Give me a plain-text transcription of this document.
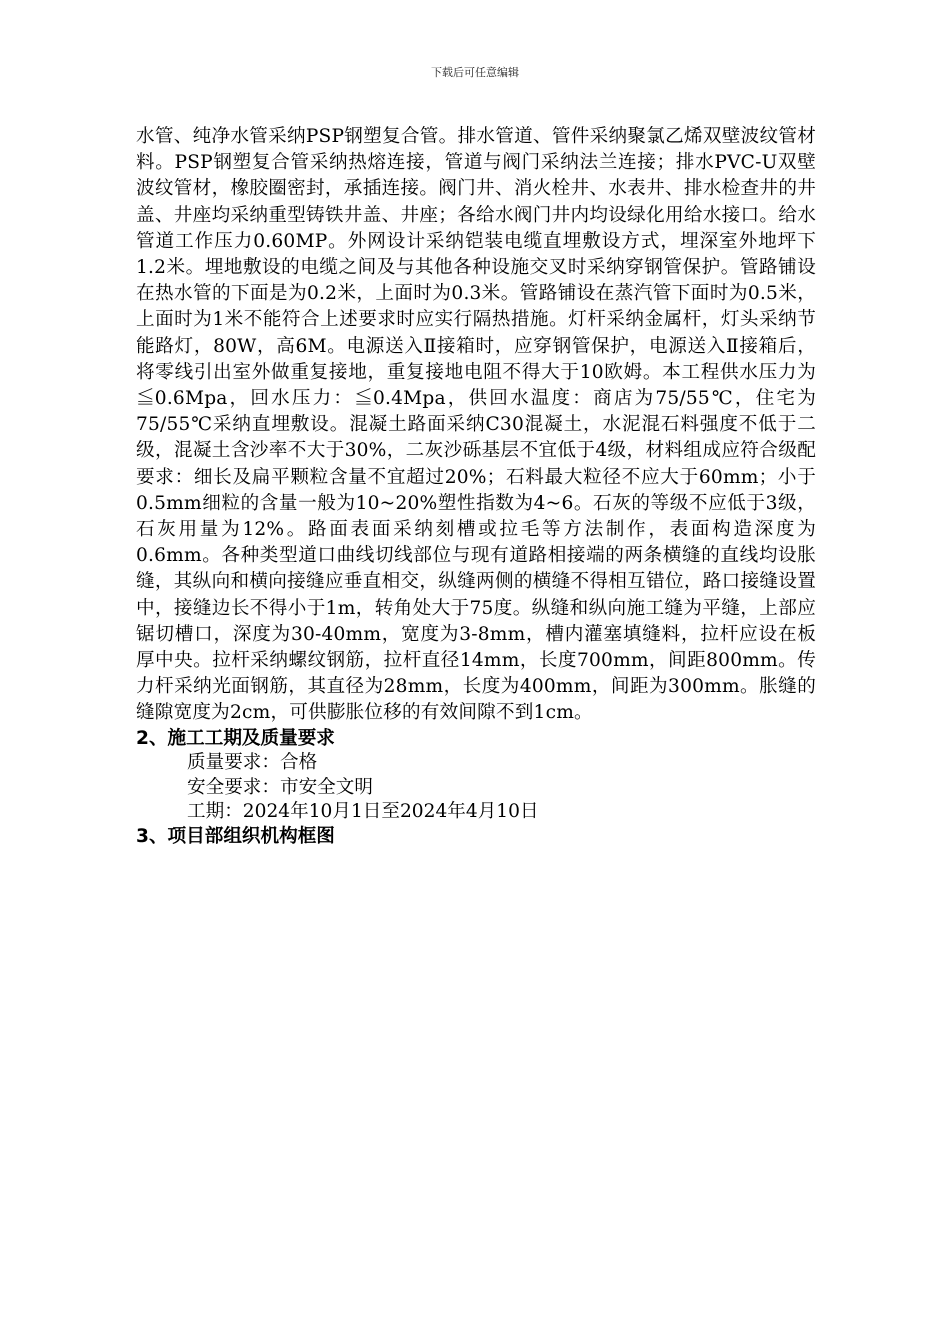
下载后可任意编辑

水管、纯净水管采纳PSP钢塑复合管。排水管道、管件采纳聚氯乙烯双壁波纹管材料。PSP钢塑复合管采纳热熔连接，管道与阀门采纳法兰连接；排水PVC-U双壁波纹管材，橡胶圈密封，承插连接。阀门井、消火栓井、水表井、排水检查井的井盖、井座均采纳重型铸铁井盖、井座；各给水阀门井内均设绿化用给水接口。给水管道工作压力0.60MP。外网设计采纳铠装电缆直埋敷设方式，埋深室外地坪下1.2米。埋地敷设的电缆之间及与其他各种设施交叉时采纳穿钢管保护。管路铺设在热水管的下面是为0.2米，上面时为0.3米。管路铺设在蒸汽管下面时为0.5米，上面时为1米不能符合上述要求时应实行隔热措施。灯杆采纳金属杆，灯头采纳节能路灯，80W，高6M。电源送入Ⅱ接箱时，应穿钢管保护，电源送入Ⅱ接箱后，将零线引出室外做重复接地，重复接地电阻不得大于10欧姆。本工程供水压力为≦0.6Mpa，回水压力：≦0.4Mpa，供回水温度：商店为75/55℃，住宅为75/55℃采纳直埋敷设。混凝土路面采纳C30混凝土，水泥混石料强度不低于二级，混凝土含沙率不大于30%，二灰沙砾基层不宜低于4级，材料组成应符合级配要求：细长及扁平颗粒含量不宜超过20%；石料最大粒径不应大于60mm；小于0.5mm细粒的含量一般为10~20%塑性指数为4~6。石灰的等级不应低于3级，石灰用量为12%。路面表面采纳刻槽或拉毛等方法制作，表面构造深度为0.6mm。各种类型道口曲线切线部位与现有道路相接端的两条横缝的直线均设胀缝，其纵向和横向接缝应垂直相交，纵缝两侧的横缝不得相互错位，路口接缝设置中，接缝边长不得小于1m，转角处大于75度。纵缝和纵向施工缝为平缝，上部应锯切槽口，深度为30-40mm，宽度为3-8mm，槽内灌塞填缝料，拉杆应设在板厚中央。拉杆采纳螺纹钢筋，拉杆直径14mm，长度700mm，间距800mm。传力杆采纳光面钢筋，其直径为28mm，长度为400mm，间距为300mm。胀缝的缝隙宽度为2cm，可供膨胀位移的有效间隙不到1cm。

2、施工工期及质量要求

质量要求：合格

安全要求：市安全文明

工期：2024年10月1日至2024年4月10日

3、项目部组织机构框图
